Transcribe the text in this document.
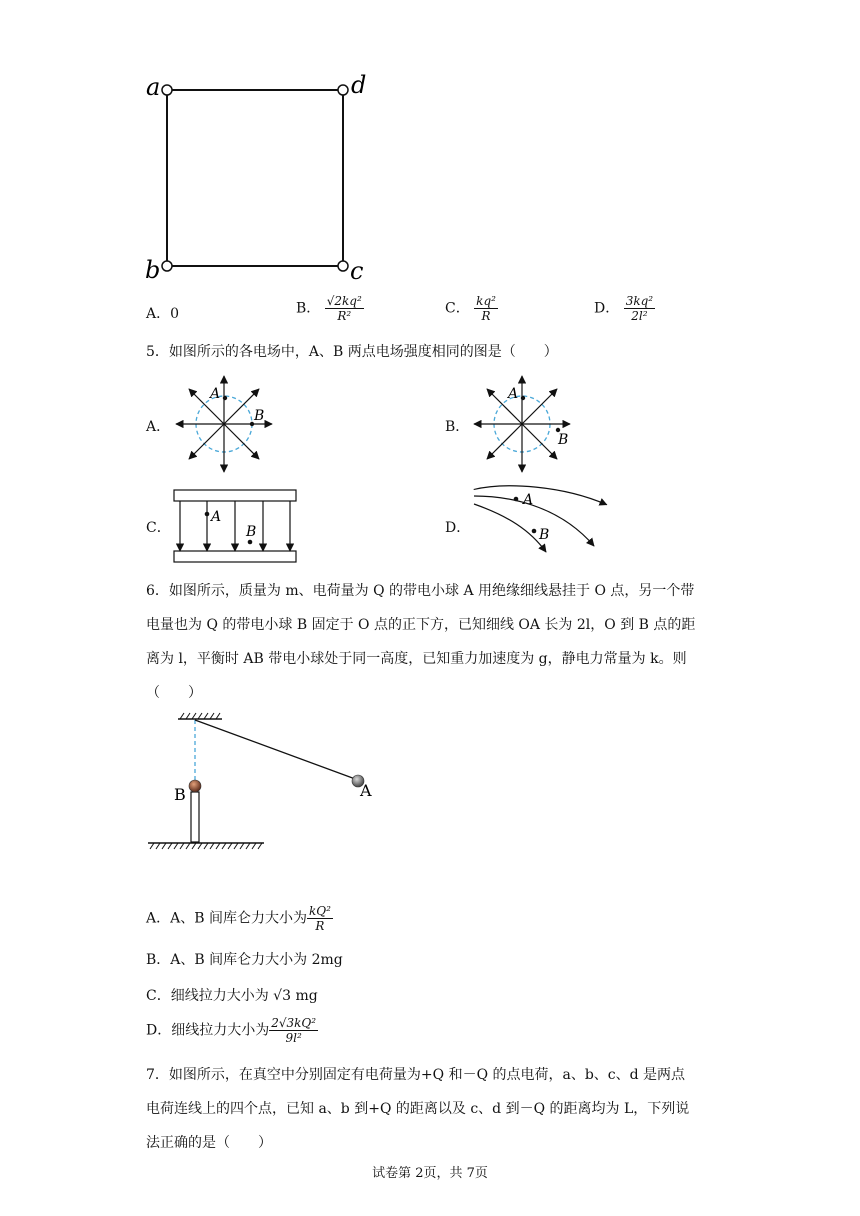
a	d
b	c
A．0	B． $\frac{\text{√2kq²}}{\text{R²}}$	C． $\frac{\text{kq²}}{R}$	D． $\frac{\text{3kq²}}{\text{2l²}}$
5．如图所示的各电场中，A、B 两点电场强度相同的图是（　　）
A．
A
B
B．
A
B
C．
A
B	D．
A
B
6．如图所示，质量为 m、电荷量为 Q 的带电小球 A 用绝缘细线悬挂于 O 点，另一个带
电量也为 Q 的带电小球 B 固定于 O 点的正下方，已知细线 OA 长为 2l，O 到 B 点的距
离为 l，平衡时 AB 带电小球处于同一高度，已知重力加速度为 g，静电力常量为 k。则
（　　）
A
B
A．A、B 间库仑力大小为 $\frac{\text{kQ²}}{R}$
B．A、B 间库仑力大小为 2mg
C．细线拉力大小为 √3 mg
D．细线拉力大小为 $\frac{\text{2√3kQ²}}{\text{9l²}}$
7．如图所示，在真空中分别固定有电荷量为+Q 和－Q 的点电荷，a、b、c、d 是两点
电荷连线上的四个点，已知 a、b 到+Q 的距离以及 c、d 到－Q 的距离均为 L，下列说
法正确的是（　　）
试卷第 2页，共 7页
